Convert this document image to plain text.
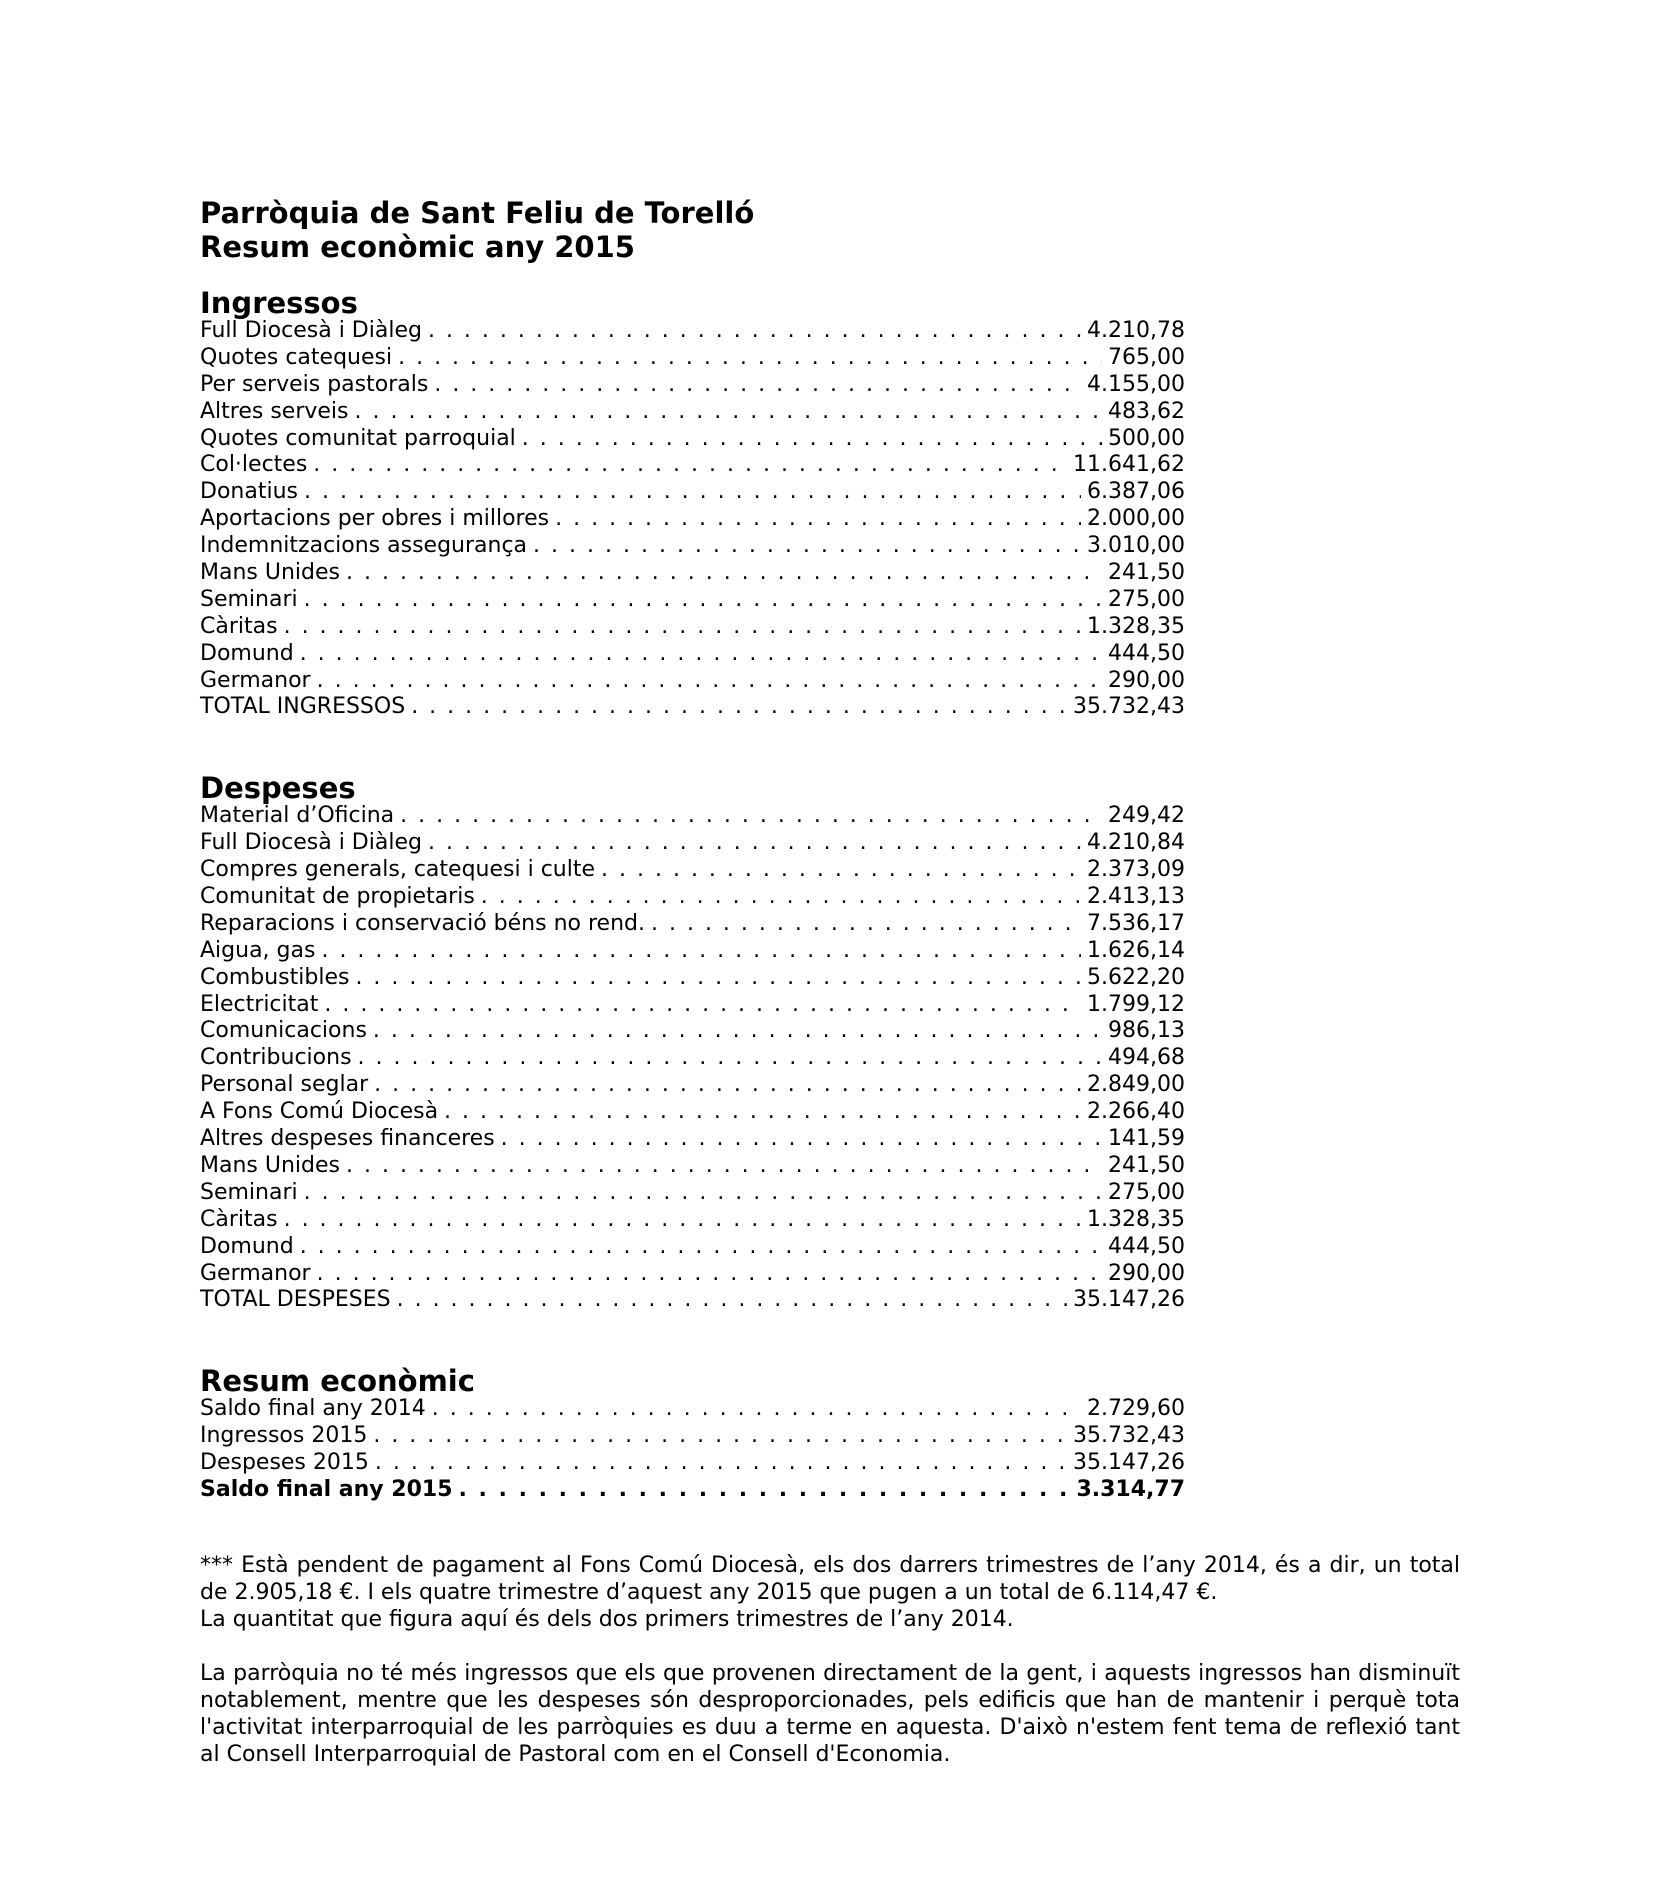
Parròquia de Sant Feliu de Torelló

Resum econòmic any 2015

Ingressos

Full Diocesà i Diàleg . . .	4.210,78
Quotes catequesi . . .	765,00
Per serveis pastorals . . .	4.155,00
Altres serveis . . .	483,62
Quotes comunitat parroquial . . .	500,00
Col·lectes . . .	11.641,62
Donatius . . .	6.387,06
Aportacions per obres i millores . . .	2.000,00
Indemnitzacions assegurança . . .	3.010,00
Mans Unides . . .	241,50
Seminari . . .	275,00
Càritas . . .	1.328,35
Domund . . .	444,50
Germanor . . .	290,00
TOTAL INGRESSOS . . .	35.732,43

Despeses

Material d’Oficina . . .	249,42
Full Diocesà i Diàleg . . .	4.210,84
Compres generals, catequesi i culte . . .	2.373,09
Comunitat de propietaris . . .	2.413,13
Reparacions i conservació béns no rend. . . .	7.536,17
Aigua, gas . . .	1.626,14
Combustibles . . .	5.622,20
Electricitat . . .	1.799,12
Comunicacions . . .	986,13
Contribucions . . .	494,68
Personal seglar . . .	2.849,00
A Fons Comú Diocesà . . .	2.266,40
Altres despeses financeres . . .	141,59
Mans Unides . . .	241,50
Seminari . . .	275,00
Càritas . . .	1.328,35
Domund . . .	444,50
Germanor . . .	290,00
TOTAL DESPESES . . .	35.147,26

Resum econòmic

Saldo final any 2014 . . .	2.729,60
Ingressos 2015 . . .	35.732,43
Despeses 2015 . . .	35.147,26
Saldo final any 2015 . . .	3.314,77

*** Està pendent de pagament al Fons Comú Diocesà, els dos darrers trimestres de l’any 2014, és a dir, un total de 2.905,18 €. I els quatre trimestre d’aquest any 2015 que pugen a un total de 6.114,47 €.

La quantitat que figura aquí és dels dos primers trimestres de l’any 2014.

La parròquia no té més ingressos que els que provenen directament de la gent, i aquests ingressos han disminuït notablement, mentre que les despeses són desproporcionades, pels edificis que han de mantenir i perquè tota l'activitat interparroquial de les parròquies es duu a terme en aquesta. D'això n'estem fent tema de reflexió tant al Consell Interparroquial de Pastoral com en el Consell d'Economia.
